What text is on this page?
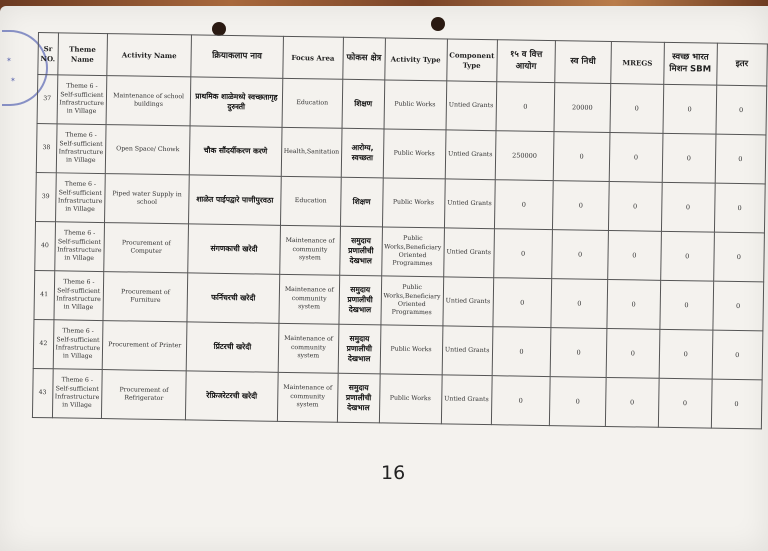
✶
✶
Sr NO.	Theme Name	Activity Name	क्रियाकलाप नाव	Focus Area	फोकस क्षेत्र	Activity Type	Component Type	१५ व वित्त आयोग	स्व निधी	MREGS	स्वच्छ भारत मिशन SBM	इतर
37	Theme 6 - Self-sufficient Infrastructure in Village	Maintenance of school buildings	प्राथमिक शाळेमध्ये स्वच्छतागृह दुरुस्ती	Education	शिक्षण	Public Works	Untied Grants	0	20000	0	0	0
38	Theme 6 - Self-sufficient Infrastructure in Village	Open Space/ Chowk	चौक सौंदर्यीकरण करणे	Health,Sanitation	आरोग्य, स्वच्छता	Public Works	Untied Grants	250000	0	0	0	0
39	Theme 6 - Self-sufficient Infrastructure in Village	Piped water Supply in school	शाळेत पाईपद्वारे पाणीपुरवठा	Education	शिक्षण	Public Works	Untied Grants	0	0	0	0	0
40	Theme 6 - Self-sufficient Infrastructure in Village	Procurement of Computer	संगणकाची खरेदी	Maintenance of community system	समुदाय प्रणालीची देखभाल	Public Works,Beneficiary Oriented Programmes	Untied Grants	0	0	0	0	0
41	Theme 6 - Self-sufficient Infrastructure in Village	Procurement of Furniture	फर्निचरची खरेदी	Maintenance of community system	समुदाय प्रणालीची देखभाल	Public Works,Beneficiary Oriented Programmes	Untied Grants	0	0	0	0	0
42	Theme 6 - Self-sufficient Infrastructure in Village	Procurement of Printer	प्रिंटरची खरेदी	Maintenance of community system	समुदाय प्रणालीची देखभाल	Public Works	Untied Grants	0	0	0	0	0
43	Theme 6 - Self-sufficient Infrastructure in Village	Procurement of Refrigerator	रेफ्रिजरेटरची खरेदी	Maintenance of community system	समुदाय प्रणालीची देखभाल	Public Works	Untied Grants	0	0	0	0	0
16
